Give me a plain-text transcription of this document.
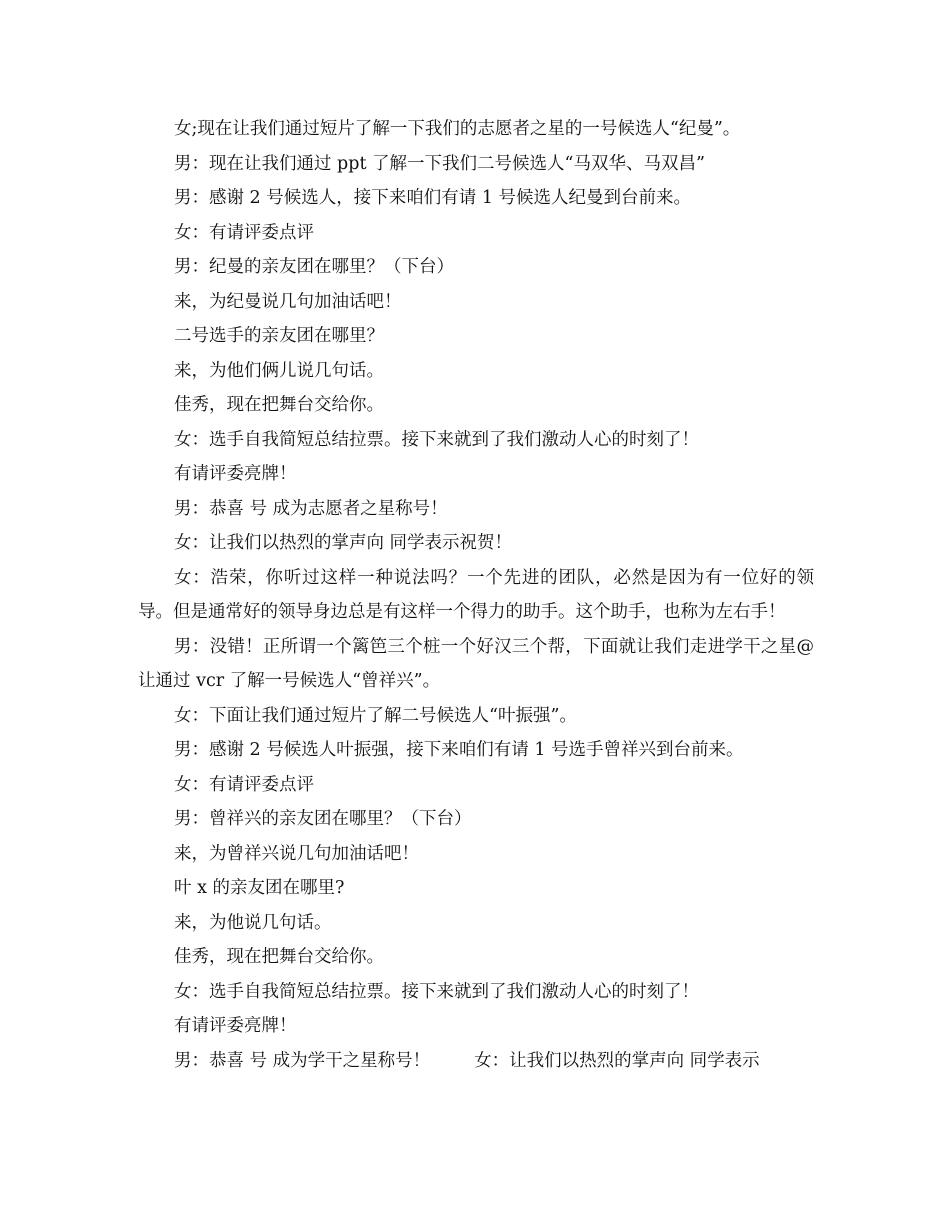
女;现在让我们通过短片了解一下我们的志愿者之星的一号候选人“纪曼”。

男：现在让我们通过 ppt 了解一下我们二号候选人“马双华、马双昌”

男：感谢 2 号候选人，接下来咱们有请 1 号候选人纪曼到台前来。

女：有请评委点评

男：纪曼的亲友团在哪里？（下台）

来，为纪曼说几句加油话吧！

二号选手的亲友团在哪里？

来，为他们俩儿说几句话。

佳秀，现在把舞台交给你。

女：选手自我简短总结拉票。接下来就到了我们激动人心的时刻了！

有请评委亮牌！

男：恭喜 号 成为志愿者之星称号！

女：让我们以热烈的掌声向 同学表示祝贺！

女：浩荣，你听过这样一种说法吗？一个先进的团队，必然是因为有一位好的领导。但是通常好的领导身边总是有这样一个得力的助手。这个助手，也称为左右手！

男：没错！正所谓一个篱笆三个桩一个好汉三个帮，下面就让我们走进学干之星@让通过 vcr 了解一号候选人“曾祥兴”。

女：下面让我们通过短片了解二号候选人“叶振强”。

男：感谢 2 号候选人叶振强，接下来咱们有请 1 号选手曾祥兴到台前来。

女：有请评委点评

男：曾祥兴的亲友团在哪里？（下台）

来，为曾祥兴说几句加油话吧！

叶 x 的亲友团在哪里?

来，为他说几句话。

佳秀，现在把舞台交给你。

女：选手自我简短总结拉票。接下来就到了我们激动人心的时刻了！

有请评委亮牌！

男：恭喜 号 成为学干之星称号！	女：让我们以热烈的掌声向 同学表示
